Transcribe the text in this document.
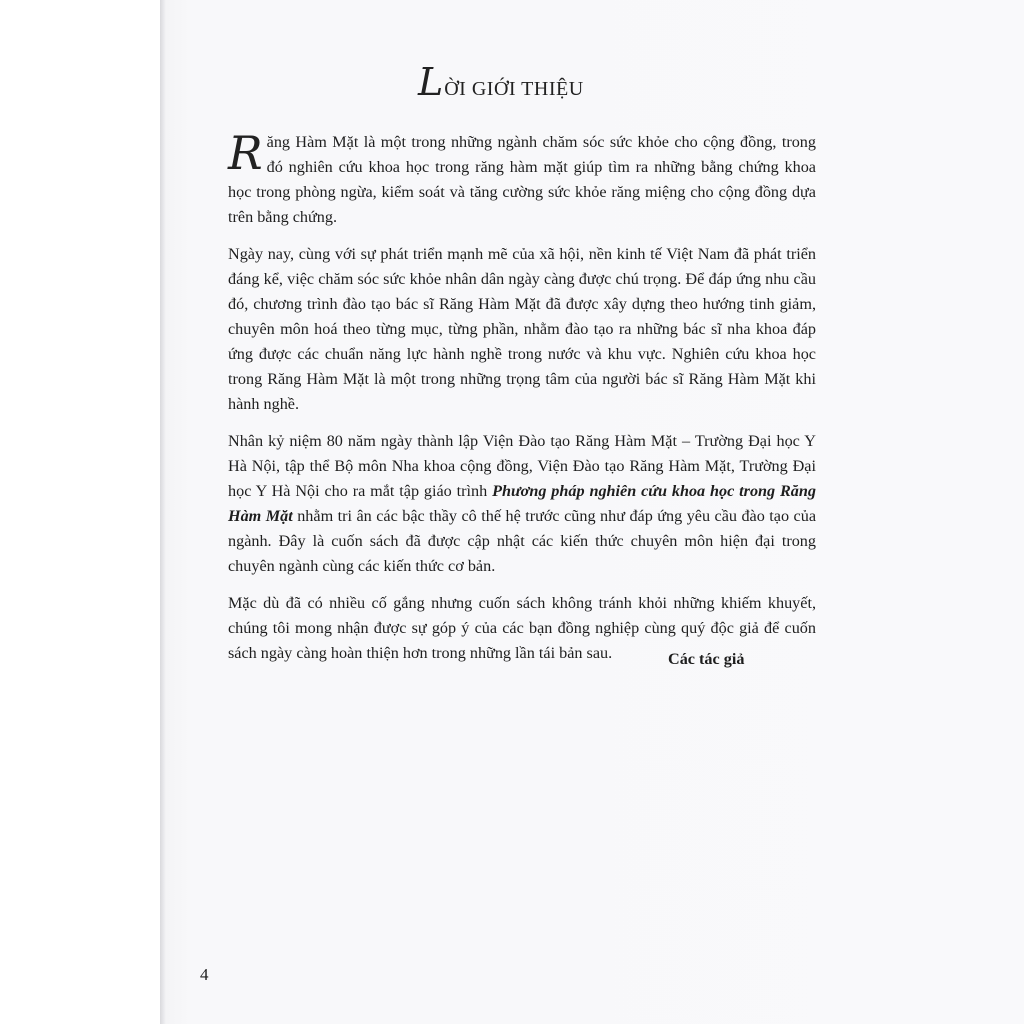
L ỜI GIỚI THIỆU

Răng Hàm Mặt là một trong những ngành chăm sóc sức khỏe cho cộng đồng, trong đó nghiên cứu khoa học trong răng hàm mặt giúp tìm ra những bằng chứng khoa học trong phòng ngừa, kiểm soát và tăng cường sức khỏe răng miệng cho cộng đồng dựa trên bằng chứng.

Ngày nay, cùng với sự phát triển mạnh mẽ của xã hội, nền kinh tế Việt Nam đã phát triển đáng kể, việc chăm sóc sức khỏe nhân dân ngày càng được chú trọng. Để đáp ứng nhu cầu đó, chương trình đào tạo bác sĩ Răng Hàm Mặt đã được xây dựng theo hướng tinh giảm, chuyên môn hoá theo từng mục, từng phần, nhằm đào tạo ra những bác sĩ nha khoa đáp ứng được các chuẩn năng lực hành nghề trong nước và khu vực. Nghiên cứu khoa học trong Răng Hàm Mặt là một trong những trọng tâm của người bác sĩ Răng Hàm Mặt khi hành nghề.

Nhân kỷ niệm 80 năm ngày thành lập Viện Đào tạo Răng Hàm Mặt – Trường Đại học Y Hà Nội, tập thể Bộ môn Nha khoa cộng đồng, Viện Đào tạo Răng Hàm Mặt, Trường Đại học Y Hà Nội cho ra mắt tập giáo trình Phương pháp nghiên cứu khoa học trong Răng Hàm Mặt nhằm tri ân các bậc thầy cô thế hệ trước cũng như đáp ứng yêu cầu đào tạo của ngành. Đây là cuốn sách đã được cập nhật các kiến thức chuyên môn hiện đại trong chuyên ngành cùng các kiến thức cơ bản.

Mặc dù đã có nhiều cố gắng nhưng cuốn sách không tránh khỏi những khiếm khuyết, chúng tôi mong nhận được sự góp ý của các bạn đồng nghiệp cùng quý độc giả để cuốn sách ngày càng hoàn thiện hơn trong những lần tái bản sau.	Các tác giả
4
